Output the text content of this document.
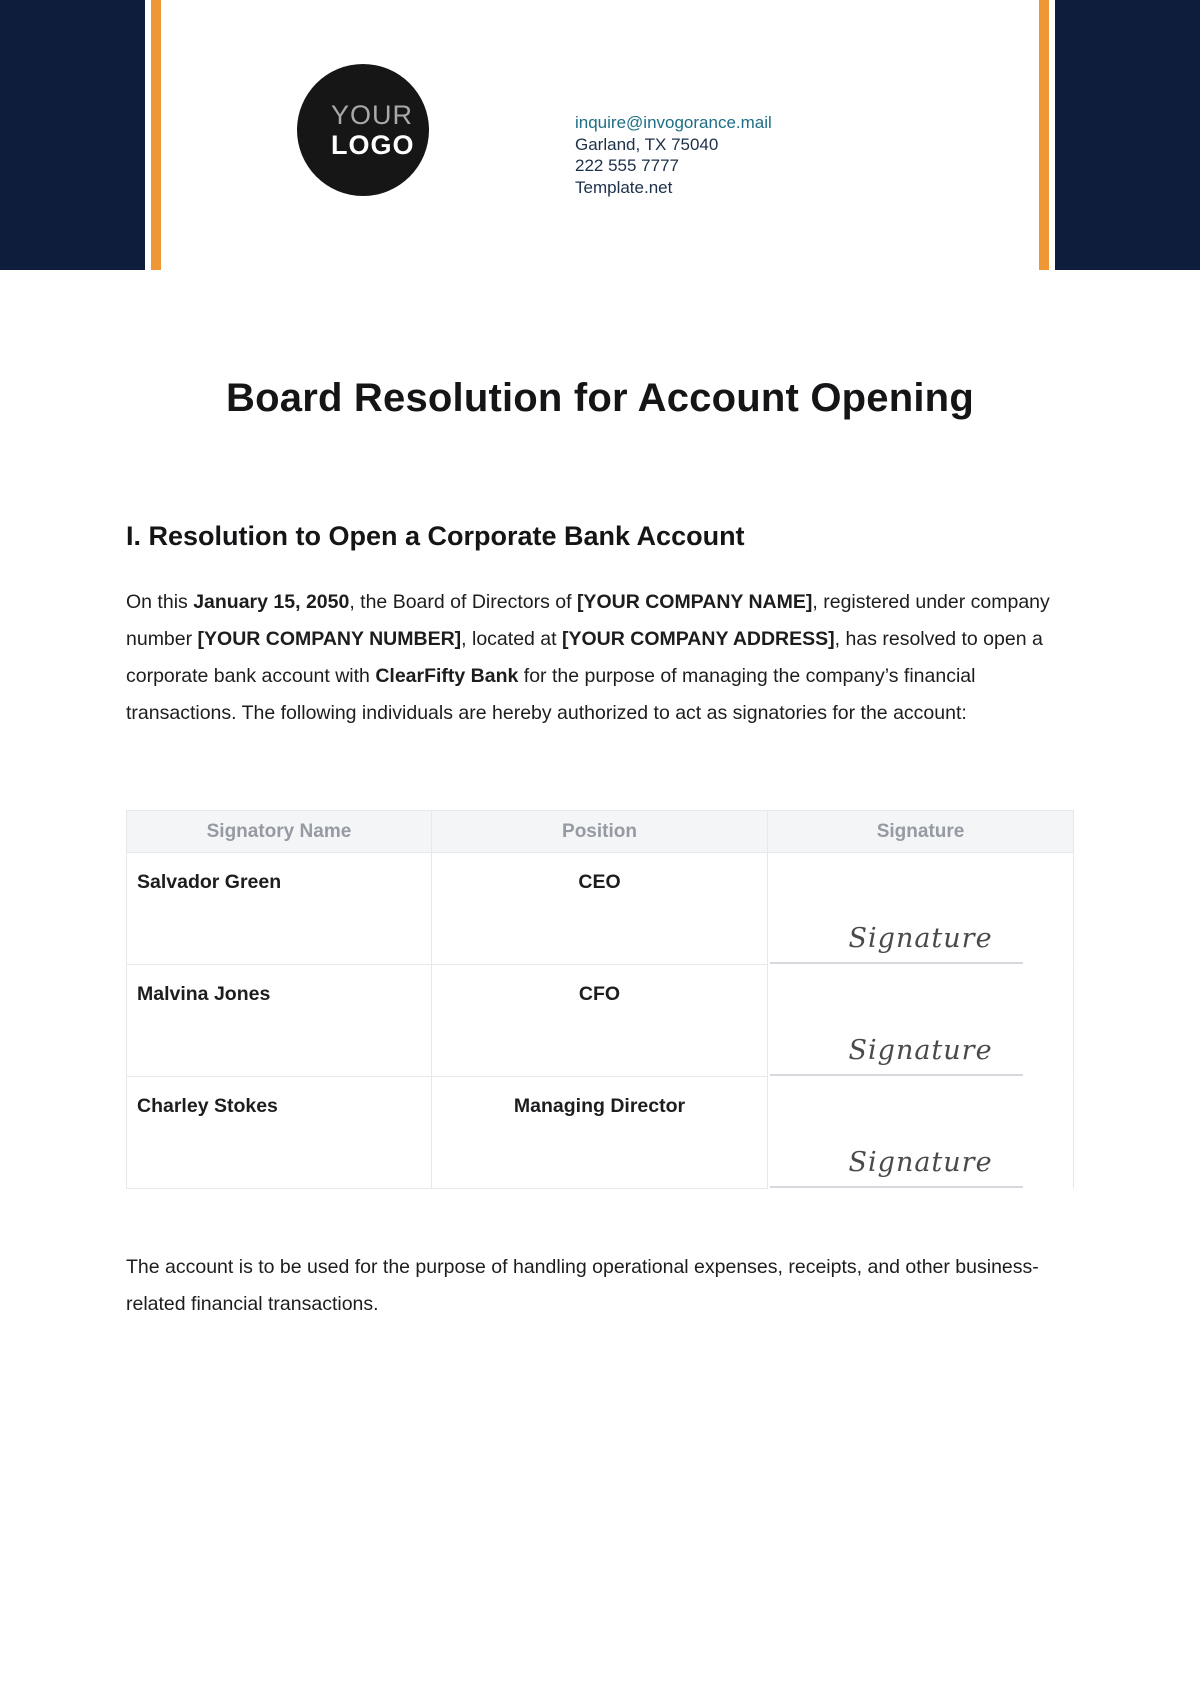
YOUR
LOGO
inquire@invogorance.mail
Garland, TX 75040
222 555 7777
Template.net
Board Resolution for Account Opening
I. Resolution to Open a Corporate Bank Account

On this January 15, 2050, the Board of Directors of [YOUR COMPANY NAME], registered under company number [YOUR COMPANY NUMBER], located at [YOUR COMPANY ADDRESS], has resolved to open a corporate bank account with ClearFifty Bank for the purpose of managing the company’s financial transactions. The following individuals are hereby authorized to act as signatories for the account:

Signatory Name	Position	Signature
Salvador Green	CEO	Signature

Malvina Jones	CFO	Signature

Charley Stokes	Managing Director	Signature

The account is to be used for the purpose of handling operational expenses, receipts, and other business-related financial transactions.
